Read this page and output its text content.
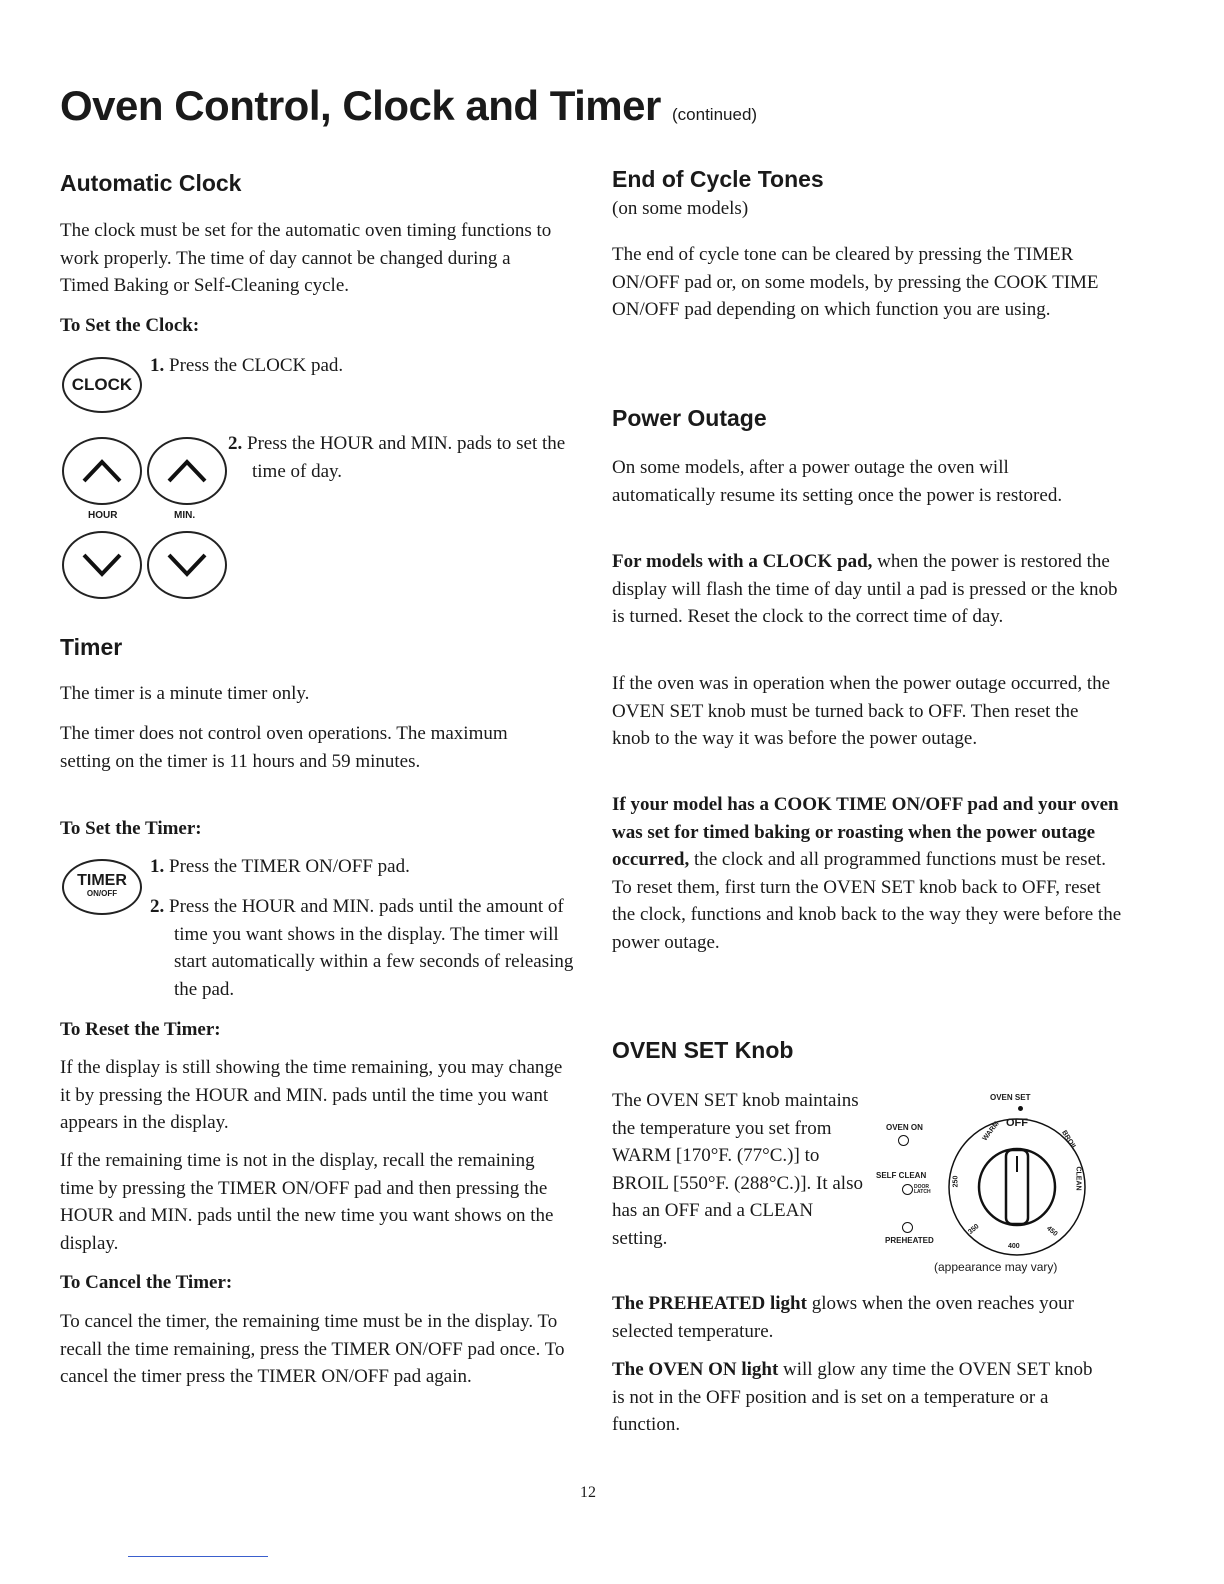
Oven Control, Clock and Timer (continued)
Automatic Clock

The clock must be set for the automatic oven timing functions to work properly. The time of day cannot be changed during a Timed Baking or Self-Cleaning cycle.

To Set the Clock:

CLOCK
1. Press the CLOCK pad.
HOUR	MIN.
2. Press the HOUR and MIN. pads to set the time of day.
Timer

The timer is a minute timer only.

The timer does not control oven operations. The maximum setting on the timer is 11 hours and 59 minutes.

To Set the Timer:

TIMER
ON/OFF
1. Press the TIMER ON/OFF pad.
2. Press the HOUR and MIN. pads until the amount of time you want shows in the display. The timer will start automatically within a few seconds of releasing the pad.

To Reset the Timer:

If the display is still showing the time remaining, you may change it by pressing the HOUR and MIN. pads until the time you want appears in the display.

If the remaining time is not in the display, recall the remaining time by pressing the TIMER ON/OFF pad and then pressing the HOUR and MIN. pads until the new time you want shows on the display.

To Cancel the Timer:

To cancel the timer, the remaining time must be in the display. To recall the time remaining, press the TIMER ON/OFF pad once. To cancel the timer press the TIMER ON/OFF pad again.

End of Cycle Tones

(on some models)

The end of cycle tone can be cleared by pressing the TIMER ON/OFF pad or, on some models, by pressing the COOK TIME ON/OFF pad depending on which function you are using.

Power Outage

On some models, after a power outage the oven will automatically resume its setting once the power is restored.

For models with a CLOCK pad, when the power is restored the display will flash the time of day until a pad is pressed or the knob is turned. Reset the clock to the correct time of day.

If the oven was in operation when the power outage occurred, the OVEN SET knob must be turned back to OFF. Then reset the knob to the way it was before the power outage.

If your model has a COOK TIME ON/OFF pad and your oven was set for timed baking or roasting when the power outage occurred, the clock and all programmed functions must be reset. To reset them, first turn the OVEN SET knob back to OFF, reset the clock, functions and knob back to the way they were before the power outage.

OVEN SET Knob

The OVEN SET knob maintains the temperature you set from WARM [170°F. (77°C.)] to BROIL [550°F. (288°C.)]. It also has an OFF and a CLEAN setting.

OVEN SET
OFF
WARM	BROIL
CLEAN
250
350
400
450
OVEN ON
SELF CLEAN
DOOR LATCH
PREHEATED
(appearance may vary)

The PREHEATED light glows when the oven reaches your selected temperature.

The OVEN ON light will glow any time the OVEN SET knob is not in the OFF position and is set on a temperature or a function.

12
